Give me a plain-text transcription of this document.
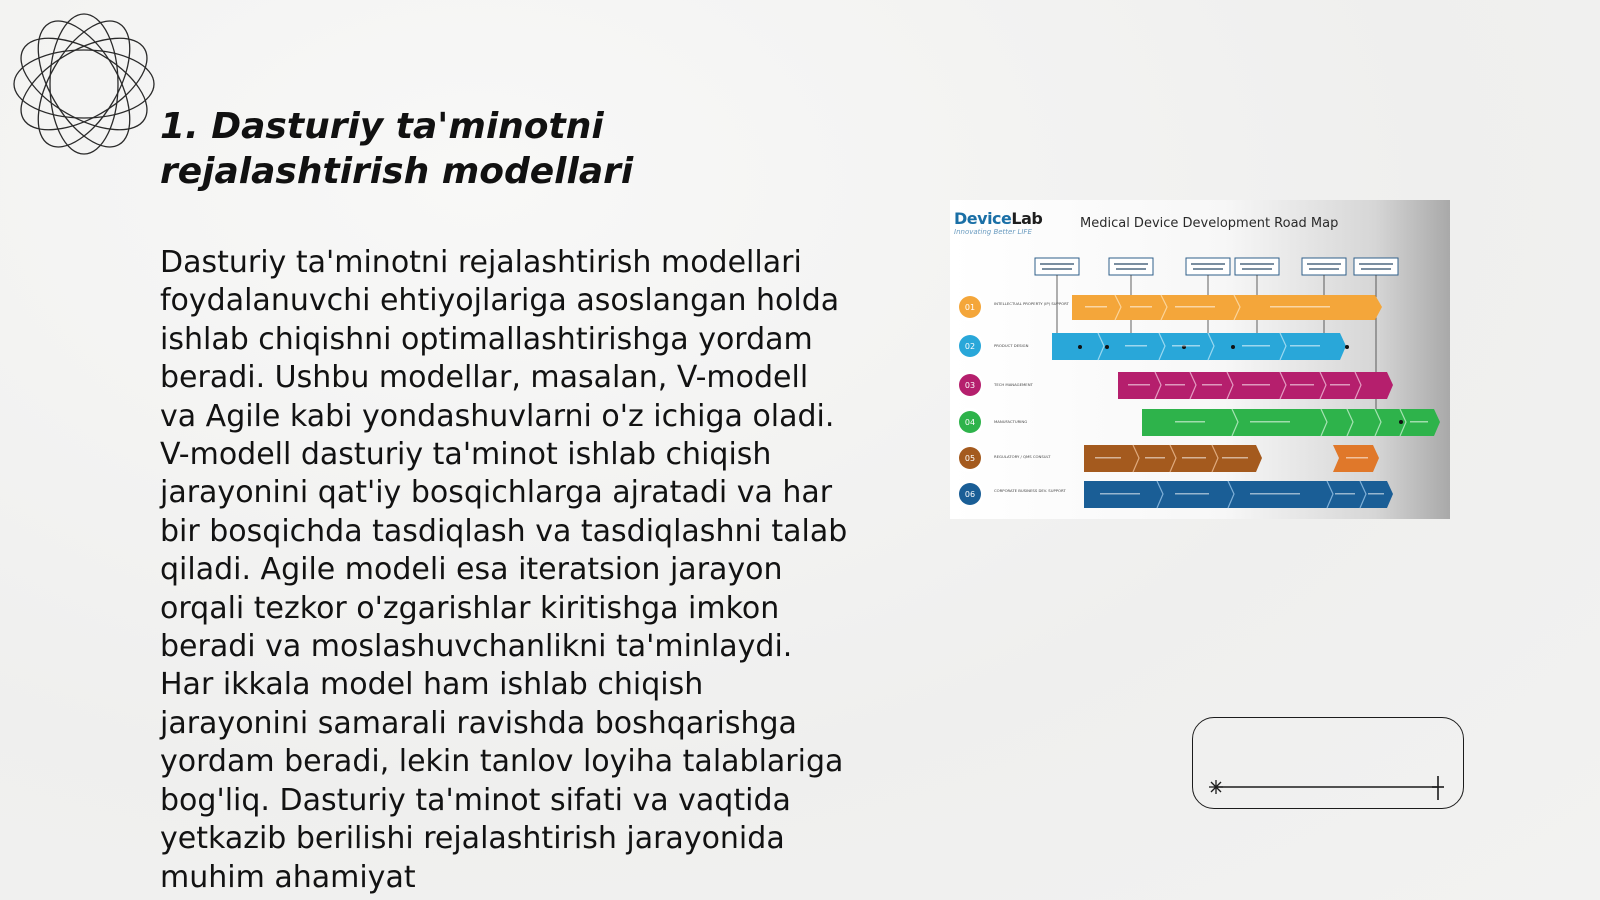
1. Dasturiy ta'minotni rejalashtirish modellari

Dasturiy ta'minotni rejalashtirish modellari foydalanuvchi ehtiyojlariga asoslangan holda ishlab chiqishni optimallashtirishga yordam beradi. Ushbu modellar, masalan, V-modell va Agile kabi yondashuvlarni o'z ichiga oladi. V-modell dasturiy ta'minot ishlab chiqish jarayonini qat'iy bosqichlarga ajratadi va har bir bosqichda tasdiqlash va tasdiqlashni talab qiladi. Agile modeli esa iteratsion jarayon orqali tezkor o'zgarishlar kiritishga imkon beradi va moslashuvchanlikni ta'minlaydi. Har ikkala model ham ishlab chiqish jarayonini samarali ravishda boshqarishga yordam beradi, lekin tanlov loyiha talablariga bog'liq. Dasturiy ta'minot sifati va vaqtida yetkazib berilishi rejalashtirish jarayonida muhim ahamiyat

DeviceLab
Innovating Better LIFE
Medical Device Development Road Map
01	INTELLECTUAL PROPERTY (IP) SUPPORT
02	PRODUCT DESIGN
03	TECH MANAGEMENT
04	MANUFACTURING
05	REGULATORY / QMS CONSULT
06	CORPORATE BUSINESS DEV. SUPPORT
